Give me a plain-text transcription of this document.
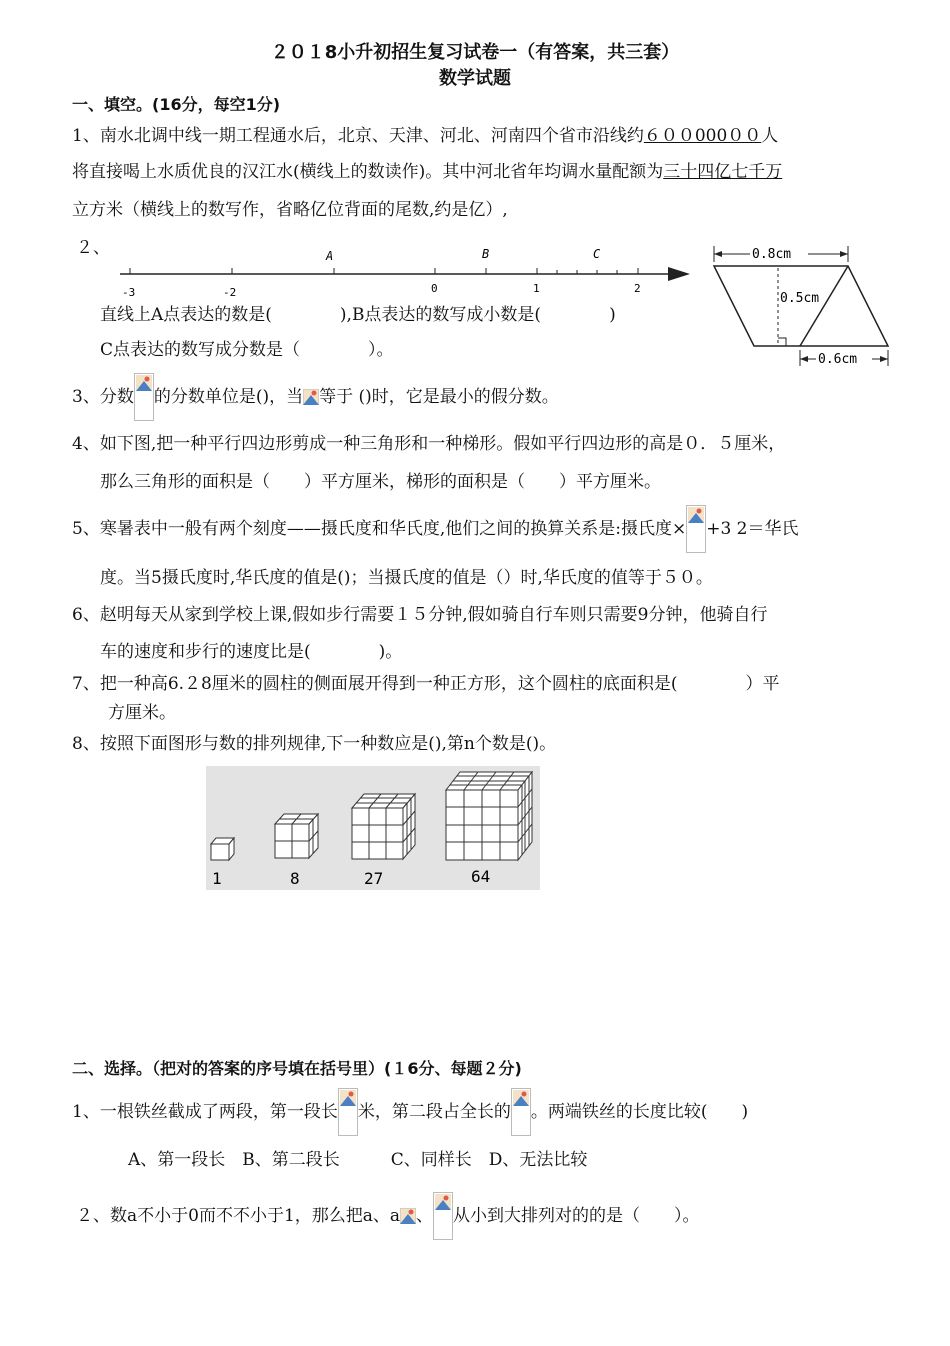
２０１8小升初招生复习试卷一（有答案，共三套）
数学试题
一、填空。(16分，每空1分)
1、南水北调中线一期工程通水后，北京、天津、河北、河南四个省市沿线约６００000００人
将直接喝上水质优良的汉江水(横线上的数读作)。其中河北省年均调水量配额为三十四亿七千万
立方米（横线上的数写作，省略亿位背面的尾数,约是亿）,
２、	A	B	C
-3	-2	0	1	2
0.8cm
0.5cm
0.6cm
直线上A点表达的数是(　　　　),B点表达的数写成小数是(　　　　)
C点表达的数写成分数是（　　　　）。
3、分数 的分数单位是()，当 等于 ()时，它是最小的假分数。
4、如下图,把一种平行四边形剪成一种三角形和一种梯形。假如平行四边形的高是０．５厘米，
那么三角形的面积是（　　）平方厘米，梯形的面积是（　　）平方厘米。
5、寒暑表中一般有两个刻度——摄氏度和华氏度,他们之间的换算关系是:摄氏度× +3 2＝华氏
度。当5摄氏度时,华氏度的值是()；当摄氏度的值是（）时,华氏度的值等于５０。
6、赵明每天从家到学校上课,假如步行需要１５分钟,假如骑自行车则只需要9分钟，他骑自行
车的速度和步行的速度比是(　　　　)。
7、把一种高6.２8厘米的圆柱的侧面展开得到一种正方形，这个圆柱的底面积是(　　　　）平
方厘米。
8、按照下面图形与数的排列规律,下一种数应是(),第n个数是()。
1	8	27	64
二、选择。（把对的答案的序号填在括号里）(１6分、每题２分)
1、一根铁丝截成了两段，第一段长 米，第二段占全长的 。两端铁丝的长度比较(　　)
A、第一段长　B、第二段长　　　C、同样长　D、无法比较
２、数a不小于0而不不小于1，那么把a、a 、 从小到大排列对的的是（　　）。
